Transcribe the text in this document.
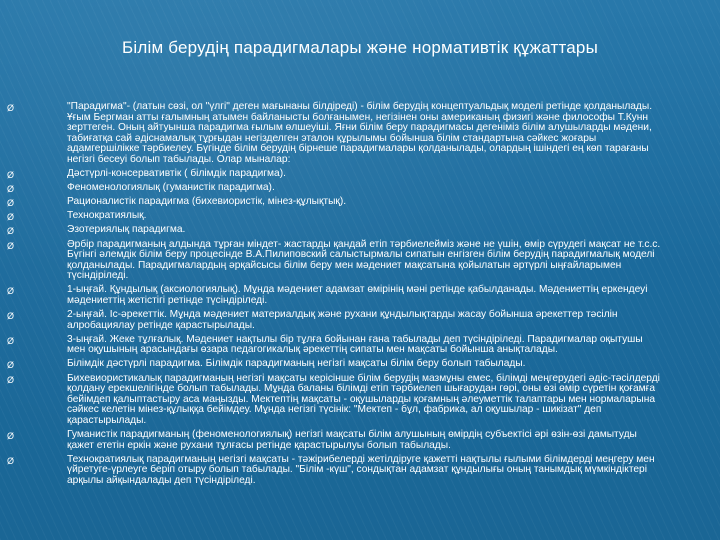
Білім берудің парадигмалары және нормативтік құжаттары
Ø	"Парадигма"- (латын сөзі, ол "үлгі" деген мағынаны білдіреді) - білім берудің концептуальдық моделі ретінде қолданылады. Ұғым Бергман атты ғалымның атымен байланысты болғанымен, негізінен оны американың физигі және философы Т.Кунн зерттеген. Оның айтуынша парадигма ғылым өлшеуіші. Яғни білім беру парадигмасы дегеніміз білім алушыларды мәдени, табиғатқа сай әдіснамалық тұрғыдан негізделген эталон құрылымы бойынша білім стандартына сәйкес жоғары адамгершілікке тәрбиелеу. Бүгінде білім берудің бірнеше парадигмалары қолданылады, олардың ішіндегі ең көп тарағаны негізгі бесеуі болып табылады. Олар мыналар:
Ø	Дәстүрлі-консервативтік ( білімдік парадигма).
Ø	Феноменологиялық (гуманистік парадигма).
Ø	Рационалистік парадигма (бихевиористік, мінез-құлықтық).
Ø	Технократиялық.
Ø	Эзотериялық парадигма.
Ø	Әрбір парадигманың алдында тұрған міндет- жастарды қандай етіп тәрбиелейміз және не үшін, өмір сүрудегі мақсат не т.с.с. Бүгінгі әлемдік білім беру процесінде В.А.Пилиповский салыстырмалы сипатын енгізген білім берудің парадигмалық моделі қолданылады. Парадигмалардың әрқайсысы білім беру мен мәдениет мақсатына қойылатын әртүрлі ыңғайларымен түсіндіріледі.
Ø	1-ыңғай. Құндылық (аксиологиялық). Мұнда мәдениет адамзат өмірінің мәні ретінде қабылданады. Мәдениеттің еркендеуі мәдениеттің жетістігі ретінде түсіндіріледі.
Ø	2-ыңғай. Іс-әрекеттік. Мұнда мәдениет материалдық және рухани құндылықтарды жасау бойынша әрекеттер тәсілін алробациялау ретінде қарастырылады.
Ø	3-ыңғай. Жеке тұлғалық. Мәдениет нақтылы бір тұлға бойынан ғана табылады деп түсіндіріледі. Парадигмалар оқытушы мен оқушының арасындағы өзара педагогикалық әрекеттің сипаты мен мақсаты бойынша анықталады.
Ø	Білімдік дәстүрлі парадигма. Білімдік парадигманың негізгі мақсаты білім беру болып табылады.
Ø	Бихевиористикалық парадигманың негізгі мақсаты керісінше білім берудің мазмұны емес, білімді меңгерудегі әдіс-тәсілдерді қолдану ерекшелігінде болып табылады. Мұнда баланы білімді етіп тәрбиелеп шығарудан гөрі, оны өзі өмір сүретін қоғамға бейімдеп қалыптастыру аса маңызды. Мектептің мақсаты - оқушыларды қоғамның әлеуметтік талаптары мен нормаларына сәйкес келетін мінез-құлыққа бейімдеу. Мұнда негізгі түсінік: "Мектеп - бұл, фабрика, ал оқушылар - шикізат" деп қарастырылады.
Ø	Гуманистік парадигманың (феноменологиялық) негізгі мақсаты білім алушының өмірдің субъектісі әрі өзін-өзі дамытуды қажет ететін еркін және рухани тұлғасы ретінде қарастырылуы болып табылады.
Ø	Технократиялық парадигманың негізгі мақсаты - тәжірибелерді жетілдіруге қажетті нақтылы ғылыми білімдерді меңгеру мен үйретуге-үрлеуге беріп отыру болып табылады. "Білім -күш", сондықтан адамзат құндылығы оның танымдық мүмкіндіктері арқылы айқындалады деп түсіндіріледі.
